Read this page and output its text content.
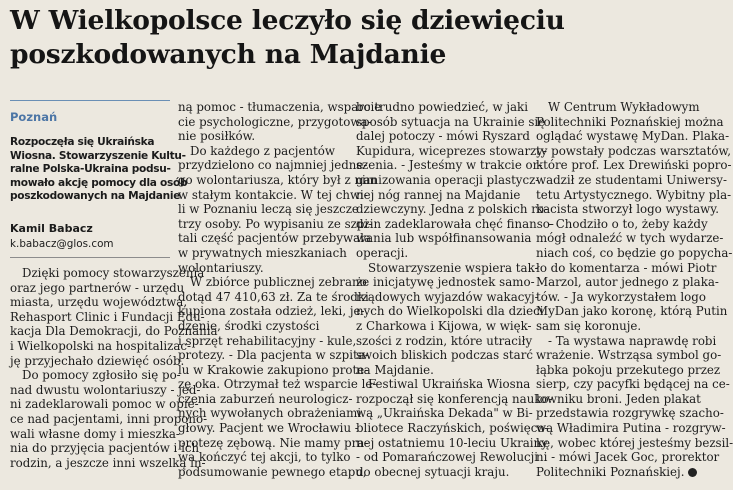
W Wielkopolsce leczyło się dziewięciu
poszkodowanych na Majdanie
Poznań
Rozpoczęła się Ukraińska
Wiosna. Stowarzyszenie Kultu-
ralne Polska-Ukraina podsu-
mowało akcję pomocy dla osób
poszkodowanych na Majdanie
Kamil Babacz
k.babacz@glos.com
Dzięki pomocy stowarzyszenia
oraz jego partnerów - urzędu
miasta, urzędu województwa,
Rehasport Clinic i Fundacji Edu-
kacja Dla Demokracji, do Poznania
i Wielkopolski na hospitalizac-
ję przyjechało dziewięć osób.
Do pomocy zgłosiło się po-
nad dwustu wolontariuszy - jed-
ni zadeklarowali pomoc w opie-
ce nad pacjentami, inni propono-
wali własne domy i mieszka-
nia do przyjęcia pacjentów i ich
rodzin, a jeszcze inni wszelką in-
ną pomoc - tłumaczenia, wsparcie
cie psychologiczne, przygotowa-
nie posiłków.
Do każdego z pacjentów
przydzielono co najmniej jedne-
go wolontariusza, który był z nim
w stałym kontakcie. W tej chwi-
li w Poznaniu leczą się jeszcze
trzy osoby. Po wypisaniu ze szpi-
tali część pacjentów przebywała
w prywatnych mieszkaniach
wolontariuszy.
W zbiórce publicznej zebrano
dotąd 47 410,63 zł. Za te środki
kupiona została odzież, leki, je-
dzenie, środki czystości
i sprzęt rehabilitacyjny - kule,
protezy. - Dla pacjenta w szpita-
lu w Krakowie zakupiono prote-
zę oka. Otrzymał też wsparcie le-
czenia zaburzeń neurologicz-
nych wywołanych obrażeniami
głowy. Pacjent we Wrocławiu -
protezę zębową. Nie mamy pra-
wa kończyć tej akcji, to tylko
podsumowanie pewnego etapu,
bo trudno powiedzieć, w jaki
sposób sytuacja na Ukrainie się
dalej potoczy - mówi Ryszard
Kupidura, wiceprezes stowarzy-
szenia. - Jesteśmy w trakcie or-
ganizowania operacji plastycz-
nej nóg rannej na Majdanie
dziewczyny. Jedna z polskich ro-
dzin zadeklarowała chęć finanso-
wania lub współfinansowania
operacji.
Stowarzyszenie wspiera tak-
że inicjatywę jednostek samo-
rządowych wyjazdów wakacyj-
nych do Wielkopolski dla dzieci
z Charkowa i Kijowa, w więk-
szości z rodzin, które utraciły
swoich bliskich podczas starć
na Majdanie.
Festiwal Ukraińska Wiosna
rozpoczął się konferencją nauko-
wą „Ukraińska Dekada" w Bi-
bliotece Raczyńskich, poświęco-
nej ostatniemu 10-leciu Ukrainy
- od Pomarańczowej Rewolucji
do obecnej sytuacji kraju.
W Centrum Wykładowym
Politechniki Poznańskiej można
oglądać wystawę MyDan. Plaka-
ty powstały podczas warsztatów,
które prof. Lex Drewiński popro-
wadził ze studentami Uniwersy-
tetu Artystycznego. Wybitny pla-
kacista stworzył logo wystawy.
- Chodziło o to, żeby każdy
mógł odnaleźć w tych wydarze-
niach coś, co będzie go popycha-
ło do komentarza - mówi Piotr
Marzol, autor jednego z plaka-
tów. - Ja wykorzystałem logo
MyDan jako koronę, którą Putin
sam się koronuje.
- Ta wystawa naprawdę robi
wrażenie. Wstrząsa symbol go-
łąbka pokoju przekutego przez
sierp, czy pacyfki będącej na ce-
lowniku broni. Jeden plakat
przedstawia rozgrywkę szacho-
wą Władimira Putina - rozgryw-
kę, wobec której jesteśmy bezsil-
ni - mówi Jacek Goc, prorektor
Politechniki Poznańskiej.
